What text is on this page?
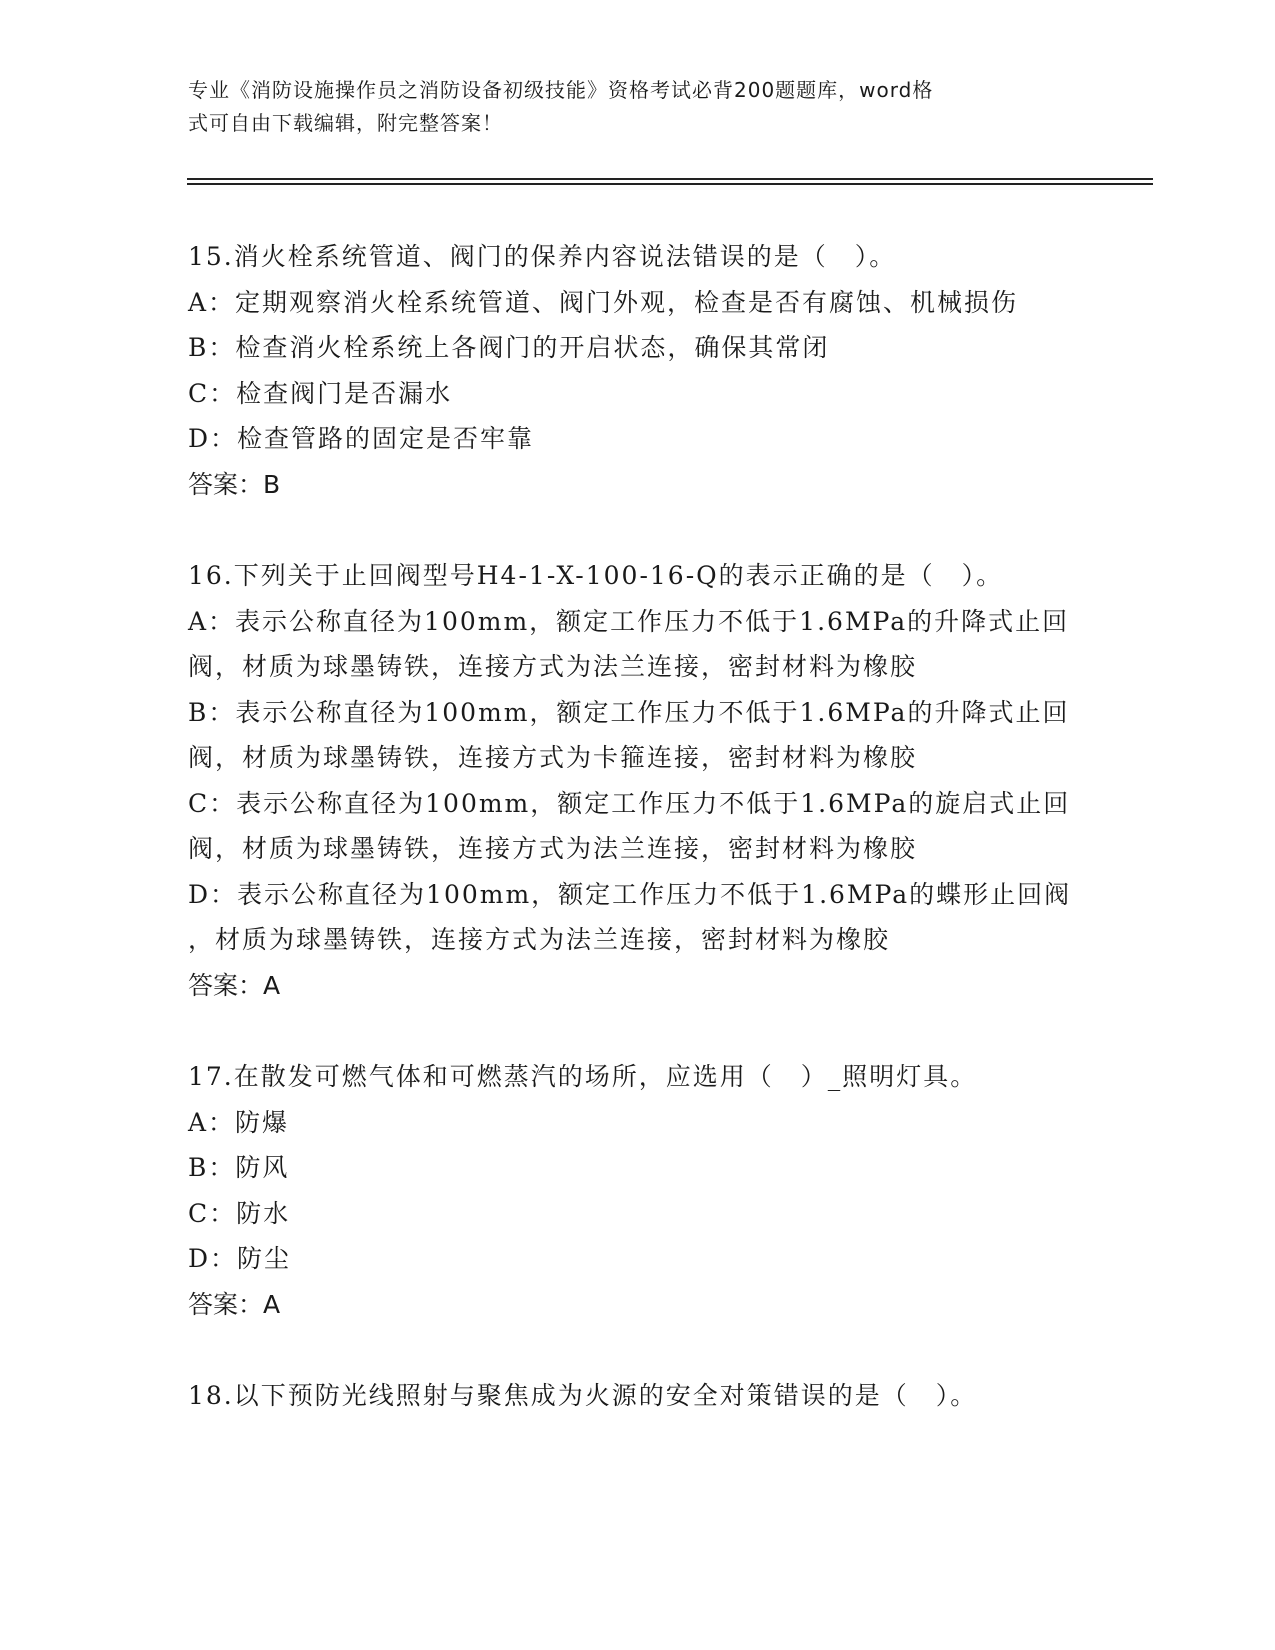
专业《消防设施操作员之消防设备初级技能》资格考试必背200题题库，word格
式可自由下载编辑，附完整答案！
15.消火栓系统管道、阀门的保养内容说法错误的是（　）。
A：定期观察消火栓系统管道、阀门外观，检查是否有腐蚀、机械损伤
B：检查消火栓系统上各阀门的开启状态，确保其常闭
C：检查阀门是否漏水
D：检查管路的固定是否牢靠
答案：B
16.下列关于止回阀型号H4-1-X-100-16-Q的表示正确的是（　）。
A：表示公称直径为100mm，额定工作压力不低于1.6MPa的升降式止回
阀，材质为球墨铸铁，连接方式为法兰连接，密封材料为橡胶
B：表示公称直径为100mm，额定工作压力不低于1.6MPa的升降式止回
阀，材质为球墨铸铁，连接方式为卡箍连接，密封材料为橡胶
C：表示公称直径为100mm，额定工作压力不低于1.6MPa的旋启式止回
阀，材质为球墨铸铁，连接方式为法兰连接，密封材料为橡胶
D：表示公称直径为100mm，额定工作压力不低于1.6MPa的蝶形止回阀
，材质为球墨铸铁，连接方式为法兰连接，密封材料为橡胶
答案：A
17.在散发可燃气体和可燃蒸汽的场所，应选用（　）_照明灯具。
A：防爆
B：防风
C：防水
D：防尘
答案：A
18.以下预防光线照射与聚焦成为火源的安全对策错误的是（　）。
